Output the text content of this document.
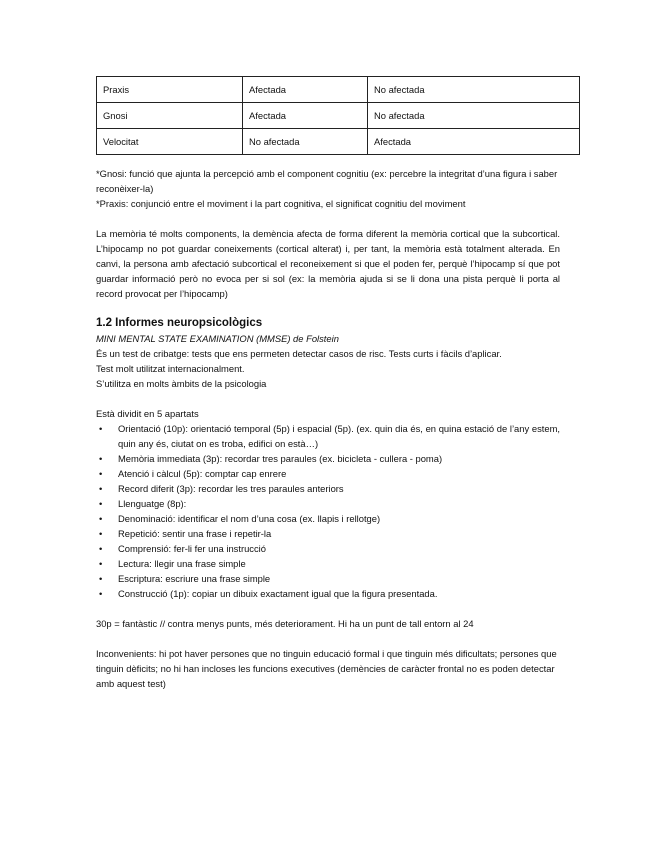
Praxis	Afectada	No afectada
Gnosi	Afectada	No afectada
Velocitat	No afectada	Afectada

*Gnosi: funció que ajunta la percepció amb el component cognitiu (ex: percebre la integritat d’una figura i saber reconèixer-la)

*Praxis: conjunció entre el moviment i la part cognitiva, el significat cognitiu del moviment

La memòria té molts components, la demència afecta de forma diferent la memòria cortical que la subcortical. L’hipocamp no pot guardar coneixements (cortical alterat) i, per tant, la memòria està totalment alterada. En canvi, la persona amb afectació subcortical el reconeixement si que el poden fer, perquè l’hipocamp sí que pot guardar informació però no evoca per si sol (ex: la memòria ajuda si se li dona una pista perquè li porta al record provocat per l’hipocamp)

1.2 Informes neuropsicològics

MINI MENTAL STATE EXAMINATION (MMSE) de Folstein

És un test de cribatge: tests que ens permeten detectar casos de risc. Tests curts i fàcils d’aplicar.

Test molt utilitzat internacionalment.

S’utilitza en molts àmbits de la psicologia

Està dividit en 5 apartats

• Orientació (10p): orientació temporal (5p) i espacial (5p). (ex. quin dia és, en quina estació de l’any estem, quin any és, ciutat on es troba, edifici on està…)
• Memòria immediata (3p): recordar tres paraules (ex. bicicleta - cullera - poma)
• Atenció i càlcul (5p): comptar cap enrere
• Record diferit (3p): recordar les tres paraules anteriors
• Llenguatge (8p):
• Denominació: identificar el nom d’una cosa (ex. llapis i rellotge)
• Repetició: sentir una frase i repetir-la
• Comprensió: fer-li fer una instrucció
• Lectura: llegir una frase simple
• Escriptura: escriure una frase simple
• Construcció (1p): copiar un dibuix exactament igual que la figura presentada.

30p = fantàstic // contra menys punts, més deteriorament. Hi ha un punt de tall entorn al 24

Inconvenients: hi pot haver persones que no tinguin educació formal i que tinguin més dificultats; persones que tinguin dèficits; no hi han incloses les funcions executives (demències de caràcter frontal no es poden detectar amb aquest test)
